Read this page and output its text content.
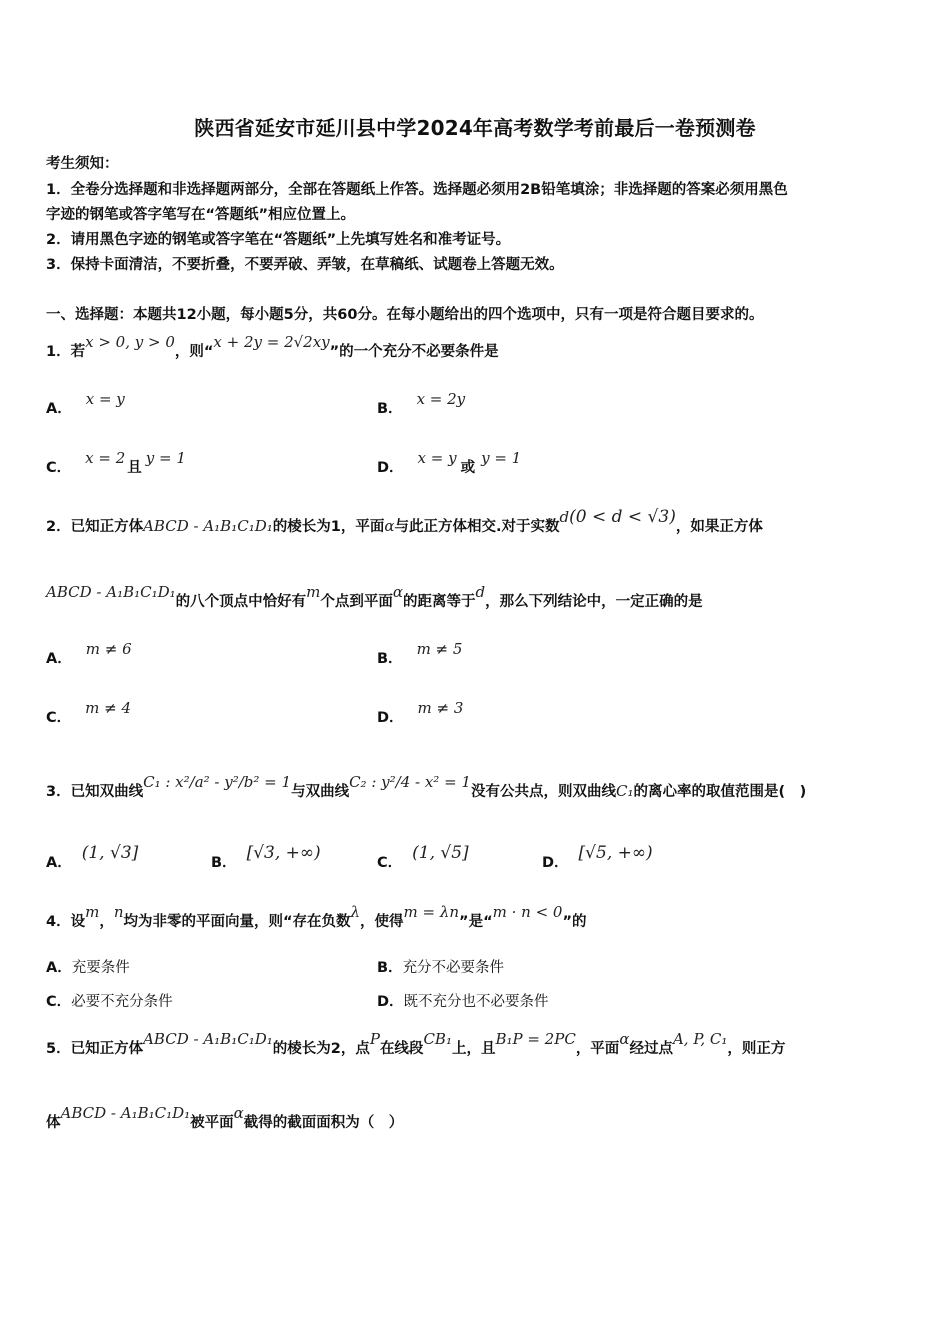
陕西省延安市延川县中学2024年高考数学考前最后一卷预测卷
考生须知：
1．全卷分选择题和非选择题两部分，全部在答题纸上作答。选择题必须用2B铅笔填涂；非选择题的答案必须用黑色
字迹的钢笔或答字笔写在“答题纸”相应位置上。
2．请用黑色字迹的钢笔或答字笔在“答题纸”上先填写姓名和准考证号。
3．保持卡面清洁，不要折叠，不要弄破、弄皱，在草稿纸、试题卷上答题无效。
一、选择题：本题共12小题，每小题5分，共60分。在每小题给出的四个选项中，只有一项是符合题目要求的。
1．若x > 0, y > 0，则“x + 2y = 2√2xy”的一个充分不必要条件是
A．x = y
B．x = 2y
C．x = 2且y = 1
D．x = y或y = 1
2．已知正方体ABCD - A₁B₁C₁D₁的棱长为1，平面α与此正方体相交.对于实数d(0 < d < √3)，如果正方体
ABCD - A₁B₁C₁D₁的八个顶点中恰好有m个点到平面α的距离等于d，那么下列结论中，一定正确的是
A．m ≠ 6
B．m ≠ 5
C．m ≠ 4
D．m ≠ 3
3．已知双曲线C₁ : x²/a² - y²/b² = 1与双曲线C₂ : y²/4 - x² = 1没有公共点，则双曲线C₁的离心率的取值范围是(　)
A． (1, √3]	B． [√3, +∞)	C． (1, √5]	D． [√5, +∞)
4．设m，n均为非零的平面向量，则“存在负数λ，使得m = λn”是“m · n < 0”的
A．充要条件	B．充分不必要条件
C．必要不充分条件	D．既不充分也不必要条件
5．已知正方体ABCD - A₁B₁C₁D₁的棱长为2，点P在线段CB₁上，且B₁P = 2PC，平面α经过点A, P, C₁，则正方
体ABCD - A₁B₁C₁D₁被平面α截得的截面面积为（　）
